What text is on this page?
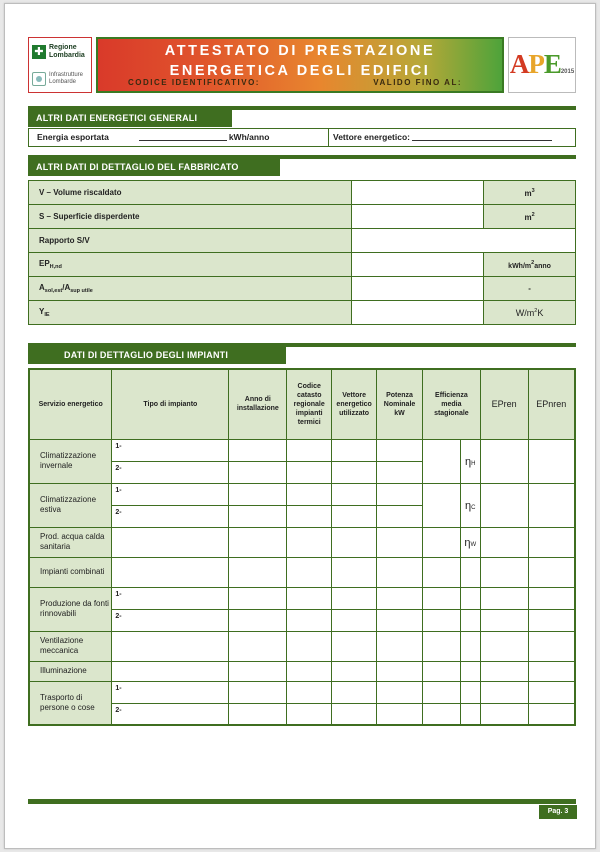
✚ Regione
Lombardia
Infrastrutture
Lombarde
ATTESTATO DI PRESTAZIONE
ENERGETICA DEGLI EDIFICI
CODICE IDENTIFICATIVO:	VALIDO FINO AL:
APE2015
ALTRI DATI ENERGETICI GENERALI
Energia esportata	kWh/anno	Vettore energetico:
ALTRI DATI DI DETTAGLIO DEL FABBRICATO
V – Volume riscaldato		$m^3$
S – Superficie disperdente		$m^2$
Rapporto S/V		
$EP_{H,nd}$		kWh/$m^2anno$
$A_{sol,est}/A_{sup utile}$		-
$Y_{IE}$		$W/m^2K$
DATI DI DETTAGLIO DEGLI IMPIANTI
Servizio energetico	Tipo di impianto	Anno di installazione	Codice catasto regionale impianti termici	Vettore energetico utilizzato	Potenza Nominale kW	Efficienza media stagionale		EPren	EPnren
Climatizzazione invernale	1-						ηH		
	2-								
Climatizzazione estiva	1-						ηC		
	2-								
Prod. acqua calda sanitaria							ηW		
Impianti combinati									
Produzione da fonti rinnovabili	1-								
	2-								
Ventilazione meccanica									
Illuminazione									
Trasporto di persone o cose	1-								
	2-								
Pag. 3
